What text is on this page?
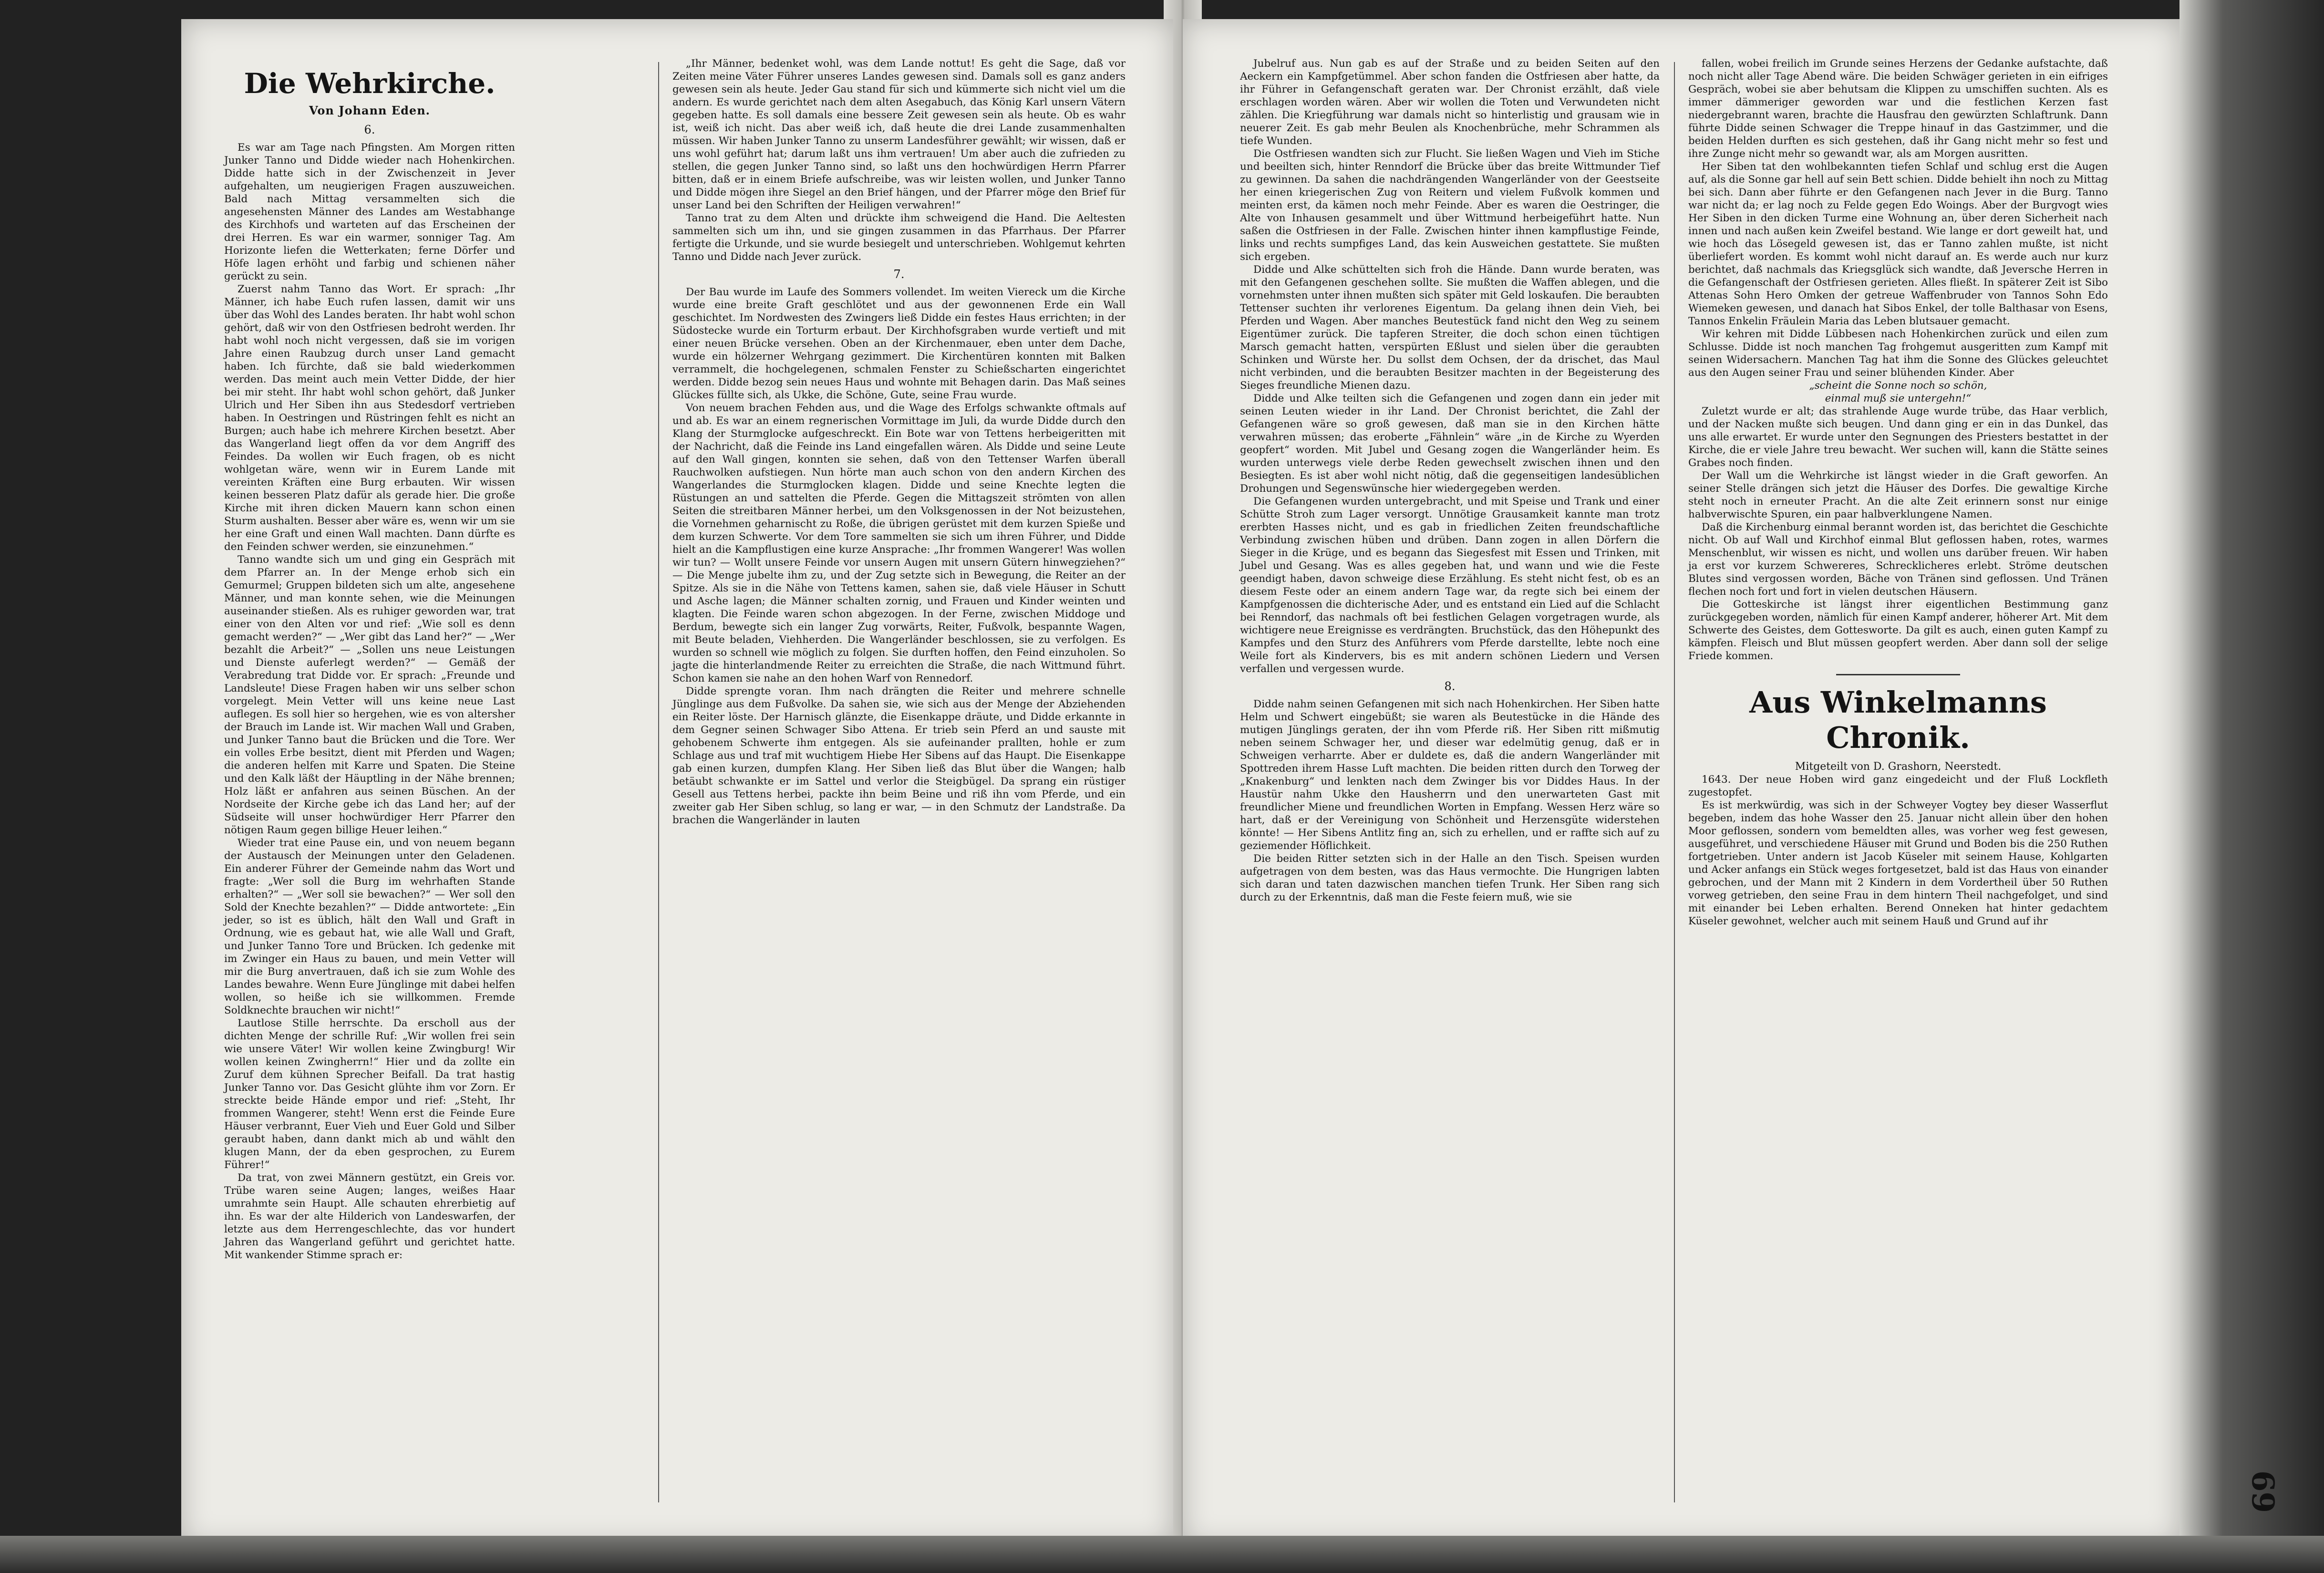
Die Wehrkirche.
Von Johann Eden.
6.

Es war am Tage nach Pfingsten. Am Morgen ritten Junker Tanno und Didde wieder nach Hohenkirchen. Didde hatte sich in der Zwischenzeit in Jever aufgehalten, um neugierigen Fragen auszuweichen. Bald nach Mittag versammelten sich die angesehensten Männer des Landes am Westabhange des Kirchhofs und warteten auf das Erscheinen der drei Herren. Es war ein warmer, sonniger Tag. Am Horizonte liefen die Wetterkaten; ferne Dörfer und Höfe lagen erhöht und farbig und schienen näher gerückt zu sein.

Zuerst nahm Tanno das Wort. Er sprach: „Ihr Männer, ich habe Euch rufen lassen, damit wir uns über das Wohl des Landes beraten. Ihr habt wohl schon gehört, daß wir von den Ostfriesen bedroht werden. Ihr habt wohl noch nicht vergessen, daß sie im vorigen Jahre einen Raubzug durch unser Land gemacht haben. Ich fürchte, daß sie bald wiederkommen werden. Das meint auch mein Vetter Didde, der hier bei mir steht. Ihr habt wohl schon gehört, daß Junker Ulrich und Her Siben ihn aus Stedesdorf vertrieben haben. In Oestringen und Rüstringen fehlt es nicht an Burgen; auch habe ich mehrere Kirchen besetzt. Aber das Wangerland liegt offen da vor dem Angriff des Feindes. Da wollen wir Euch fragen, ob es nicht wohlgetan wäre, wenn wir in Eurem Lande mit vereinten Kräften eine Burg erbauten. Wir wissen keinen besseren Platz dafür als gerade hier. Die große Kirche mit ihren dicken Mauern kann schon einen Sturm aushalten. Besser aber wäre es, wenn wir um sie her eine Graft und einen Wall machten. Dann dürfte es den Feinden schwer werden, sie einzunehmen.“

Tanno wandte sich um und ging ein Gespräch mit dem Pfarrer an. In der Menge erhob sich ein Gemurmel; Gruppen bildeten sich um alte, angesehene Männer, und man konnte sehen, wie die Meinungen auseinander stießen. Als es ruhiger geworden war, trat einer von den Alten vor und rief: „Wie soll es denn gemacht werden?“ — „Wer gibt das Land her?“ — „Wer bezahlt die Arbeit?“ — „Sollen uns neue Leistungen und Dienste auferlegt werden?“ — Gemäß der Verabredung trat Didde vor. Er sprach: „Freunde und Landsleute! Diese Fragen haben wir uns selber schon vorgelegt. Mein Vetter will uns keine neue Last auflegen. Es soll hier so hergehen, wie es von altersher der Brauch im Lande ist. Wir machen Wall und Graben, und Junker Tanno baut die Brücken und die Tore. Wer ein volles Erbe besitzt, dient mit Pferden und Wagen; die anderen helfen mit Karre und Spaten. Die Steine und den Kalk läßt der Häuptling in der Nähe brennen; Holz läßt er anfahren aus seinen Büschen. An der Nordseite der Kirche gebe ich das Land her; auf der Südseite will unser hochwürdiger Herr Pfarrer den nötigen Raum gegen billige Heuer leihen.“

Wieder trat eine Pause ein, und von neuem begann der Austausch der Meinungen unter den Geladenen. Ein anderer Führer der Gemeinde nahm das Wort und fragte: „Wer soll die Burg im wehrhaften Stande erhalten?“ — „Wer soll sie bewachen?“ — Wer soll den Sold der Knechte bezahlen?“ — Didde antwortete: „Ein jeder, so ist es üblich, hält den Wall und Graft in Ordnung, wie es gebaut hat, wie alle Wall und Graft, und Junker Tanno Tore und Brücken. Ich gedenke mit im Zwinger ein Haus zu bauen, und mein Vetter will mir die Burg anvertrauen, daß ich sie zum Wohle des Landes bewahre. Wenn Eure Jünglinge mit dabei helfen wollen, so heiße ich sie willkommen. Fremde Soldknechte brauchen wir nicht!“

Lautlose Stille herrschte. Da erscholl aus der dichten Menge der schrille Ruf: „Wir wollen frei sein wie unsere Väter! Wir wollen keine Zwingburg! Wir wollen keinen Zwingherrn!“ Hier und da zollte ein Zuruf dem kühnen Sprecher Beifall. Da trat hastig Junker Tanno vor. Das Gesicht glühte ihm vor Zorn. Er streckte beide Hände empor und rief: „Steht, Ihr frommen Wangerer, steht! Wenn erst die Feinde Eure Häuser verbrannt, Euer Vieh und Euer Gold und Silber geraubt haben, dann dankt mich ab und wählt den klugen Mann, der da eben gesprochen, zu Eurem Führer!“

Da trat, von zwei Männern gestützt, ein Greis vor. Trübe waren seine Augen; langes, weißes Haar umrahmte sein Haupt. Alle schauten ehrerbietig auf ihn. Es war der alte Hilderich von Landeswarfen, der letzte aus dem Herrengeschlechte, das vor hundert Jahren das Wangerland geführt und gerichtet hatte. Mit wankender Stimme sprach er:

„Ihr Männer, bedenket wohl, was dem Lande nottut! Es geht die Sage, daß vor Zeiten meine Väter Führer unseres Landes gewesen sind. Damals soll es ganz anders gewesen sein als heute. Jeder Gau stand für sich und kümmerte sich nicht viel um die andern. Es wurde gerichtet nach dem alten Asegabuch, das König Karl unsern Vätern gegeben hatte. Es soll damals eine bessere Zeit gewesen sein als heute. Ob es wahr ist, weiß ich nicht. Das aber weiß ich, daß heute die drei Lande zusammenhalten müssen. Wir haben Junker Tanno zu unserm Landesführer gewählt; wir wissen, daß er uns wohl geführt hat; darum laßt uns ihm vertrauen! Um aber auch die zufrieden zu stellen, die gegen Junker Tanno sind, so laßt uns den hochwürdigen Herrn Pfarrer bitten, daß er in einem Briefe aufschreibe, was wir leisten wollen, und Junker Tanno und Didde mögen ihre Siegel an den Brief hängen, und der Pfarrer möge den Brief für unser Land bei den Schriften der Heiligen verwahren!“

Tanno trat zu dem Alten und drückte ihm schweigend die Hand. Die Aeltesten sammelten sich um ihn, und sie gingen zusammen in das Pfarrhaus. Der Pfarrer fertigte die Urkunde, und sie wurde besiegelt und unterschrieben. Wohlgemut kehrten Tanno und Didde nach Jever zurück.

7.

Der Bau wurde im Laufe des Sommers vollendet. Im weiten Viereck um die Kirche wurde eine breite Graft geschlötet und aus der gewonnenen Erde ein Wall geschichtet. Im Nordwesten des Zwingers ließ Didde ein festes Haus errichten; in der Südostecke wurde ein Torturm erbaut. Der Kirchhofsgraben wurde vertieft und mit einer neuen Brücke versehen. Oben an der Kirchenmauer, eben unter dem Dache, wurde ein hölzerner Wehrgang gezimmert. Die Kirchentüren konnten mit Balken verrammelt, die hochgelegenen, schmalen Fenster zu Schießscharten eingerichtet werden. Didde bezog sein neues Haus und wohnte mit Behagen darin. Das Maß seines Glückes füllte sich, als Ukke, die Schöne, Gute, seine Frau wurde.

Von neuem brachen Fehden aus, und die Wage des Erfolgs schwankte oftmals auf und ab. Es war an einem regnerischen Vormittage im Juli, da wurde Didde durch den Klang der Sturmglocke aufgeschreckt. Ein Bote war von Tettens herbeigeritten mit der Nachricht, daß die Feinde ins Land eingefallen wären. Als Didde und seine Leute auf den Wall gingen, konnten sie sehen, daß von den Tettenser Warfen überall Rauchwolken aufstiegen. Nun hörte man auch schon von den andern Kirchen des Wangerlandes die Sturmglocken klagen. Didde und seine Knechte legten die Rüstungen an und sattelten die Pferde. Gegen die Mittagszeit strömten von allen Seiten die streitbaren Männer herbei, um den Volksgenossen in der Not beizustehen, die Vornehmen geharnischt zu Roße, die übrigen gerüstet mit dem kurzen Spieße und dem kurzen Schwerte. Vor dem Tore sammelten sie sich um ihren Führer, und Didde hielt an die Kampflustigen eine kurze Ansprache: „Ihr frommen Wangerer! Was wollen wir tun? — Wollt unsere Feinde vor unsern Augen mit unsern Gütern hinwegziehen?“ — Die Menge jubelte ihm zu, und der Zug setzte sich in Bewegung, die Reiter an der Spitze. Als sie in die Nähe von Tettens kamen, sahen sie, daß viele Häuser in Schutt und Asche lagen; die Männer schalten zornig, und Frauen und Kinder weinten und klagten. Die Feinde waren schon abgezogen. In der Ferne, zwischen Middoge und Berdum, bewegte sich ein langer Zug vorwärts, Reiter, Fußvolk, bespannte Wagen, mit Beute beladen, Viehherden. Die Wangerländer beschlossen, sie zu verfolgen. Es wurden so schnell wie möglich zu folgen. Sie durften hoffen, den Feind einzuholen. So jagte die hinterlandmende Reiter zu erreichten die Straße, die nach Wittmund führt. Schon kamen sie nahe an den hohen Warf von Rennedorf.

Didde sprengte voran. Ihm nach drängten die Reiter und mehrere schnelle Jünglinge aus dem Fußvolke. Da sahen sie, wie sich aus der Menge der Abziehenden ein Reiter löste. Der Harnisch glänzte, die Eisenkappe dräute, und Didde erkannte in dem Gegner seinen Schwager Sibo Attena. Er trieb sein Pferd an und sauste mit gehobenem Schwerte ihm entgegen. Als sie aufeinander prallten, hohle er zum Schlage aus und traf mit wuchtigem Hiebe Her Sibens auf das Haupt. Die Eisenkappe gab einen kurzen, dumpfen Klang. Her Siben ließ das Blut über die Wangen; halb betäubt schwankte er im Sattel und verlor die Steigbügel. Da sprang ein rüstiger Gesell aus Tettens herbei, packte ihn beim Beine und riß ihn vom Pferde, und ein zweiter gab Her Siben schlug, so lang er war, — in den Schmutz der Landstraße. Da brachen die Wangerländer in lauten

Jubelruf aus. Nun gab es auf der Straße und zu beiden Seiten auf den Aeckern ein Kampfgetümmel. Aber schon fanden die Ostfriesen aber hatte, da ihr Führer in Gefangenschaft geraten war. Der Chronist erzählt, daß viele erschlagen worden wären. Aber wir wollen die Toten und Verwundeten nicht zählen. Die Kriegführung war damals nicht so hinterlistig und grausam wie in neuerer Zeit. Es gab mehr Beulen als Knochenbrüche, mehr Schrammen als tiefe Wunden.

Die Ostfriesen wandten sich zur Flucht. Sie ließen Wagen und Vieh im Stiche und beeilten sich, hinter Renndorf die Brücke über das breite Wittmunder Tief zu gewinnen. Da sahen die nachdrängenden Wangerländer von der Geestseite her einen kriegerischen Zug von Reitern und vielem Fußvolk kommen und meinten erst, da kämen noch mehr Feinde. Aber es waren die Oestringer, die Alte von Inhausen gesammelt und über Wittmund herbeigeführt hatte. Nun saßen die Ostfriesen in der Falle. Zwischen hinter ihnen kampflustige Feinde, links und rechts sumpfiges Land, das kein Ausweichen gestattete. Sie mußten sich ergeben.

Didde und Alke schüttelten sich froh die Hände. Dann wurde beraten, was mit den Gefangenen geschehen sollte. Sie mußten die Waffen ablegen, und die vornehmsten unter ihnen mußten sich später mit Geld loskaufen. Die beraubten Tettenser suchten ihr verlorenes Eigentum. Da gelang ihnen dein Vieh, bei Pferden und Wagen. Aber manches Beutestück fand nicht den Weg zu seinem Eigentümer zurück. Die tapferen Streiter, die doch schon einen tüchtigen Marsch gemacht hatten, verspürten Eßlust und sielen über die geraubten Schinken und Würste her. Du sollst dem Ochsen, der da drischet, das Maul nicht verbinden, und die beraubten Besitzer machten in der Begeisterung des Sieges freundliche Mienen dazu.

Didde und Alke teilten sich die Gefangenen und zogen dann ein jeder mit seinen Leuten wieder in ihr Land. Der Chronist berichtet, die Zahl der Gefangenen wäre so groß gewesen, daß man sie in den Kirchen hätte verwahren müssen; das eroberte „Fähnlein“ wäre „in de Kirche zu Wyerden geopfert“ worden. Mit Jubel und Gesang zogen die Wangerländer heim. Es wurden unterwegs viele derbe Reden gewechselt zwischen ihnen und den Besiegten. Es ist aber wohl nicht nötig, daß die gegenseitigen landesüblichen Drohungen und Segenswünsche hier wiedergegeben werden.

Die Gefangenen wurden untergebracht, und mit Speise und Trank und einer Schütte Stroh zum Lager versorgt. Unnötige Grausamkeit kannte man trotz ererbten Hasses nicht, und es gab in friedlichen Zeiten freundschaftliche Verbindung zwischen hüben und drüben. Dann zogen in allen Dörfern die Sieger in die Krüge, und es begann das Siegesfest mit Essen und Trinken, mit Jubel und Gesang. Was es alles gegeben hat, und wann und wie die Feste geendigt haben, davon schweige diese Erzählung. Es steht nicht fest, ob es an diesem Feste oder an einem andern Tage war, da regte sich bei einem der Kampfgenossen die dichterische Ader, und es entstand ein Lied auf die Schlacht bei Renndorf, das nachmals oft bei festlichen Gelagen vorgetragen wurde, als wichtigere neue Ereignisse es verdrängten. Bruchstück, das den Höhepunkt des Kampfes und den Sturz des Anführers vom Pferde darstellte, lebte noch eine Weile fort als Kindervers, bis es mit andern schönen Liedern und Versen verfallen und vergessen wurde.

8.

Didde nahm seinen Gefangenen mit sich nach Hohenkirchen. Her Siben hatte Helm und Schwert eingebüßt; sie waren als Beutestücke in die Hände des mutigen Jünglings geraten, der ihn vom Pferde riß. Her Siben ritt mißmutig neben seinem Schwager her, und dieser war edelmütig genug, daß er in Schweigen verharrte. Aber er duldete es, daß die andern Wangerländer mit Spottreden ihrem Hasse Luft machten. Die beiden ritten durch den Torweg der „Knakenburg“ und lenkten nach dem Zwinger bis vor Diddes Haus. In der Haustür nahm Ukke den Hausherrn und den unerwarteten Gast mit freundlicher Miene und freundlichen Worten in Empfang. Wessen Herz wäre so hart, daß er der Vereinigung von Schönheit und Herzensgüte widerstehen könnte! — Her Sibens Antlitz fing an, sich zu erhellen, und er raffte sich auf zu geziemender Höflichkeit.

Die beiden Ritter setzten sich in der Halle an den Tisch. Speisen wurden aufgetragen von dem besten, was das Haus vermochte. Die Hungrigen labten sich daran und taten dazwischen manchen tiefen Trunk. Her Siben rang sich durch zu der Erkenntnis, daß man die Feste feiern muß, wie sie

fallen, wobei freilich im Grunde seines Herzens der Gedanke aufstachte, daß noch nicht aller Tage Abend wäre. Die beiden Schwäger gerieten in ein eifriges Gespräch, wobei sie aber behutsam die Klippen zu umschiffen suchten. Als es immer dämmeriger geworden war und die festlichen Kerzen fast niedergebrannt waren, brachte die Hausfrau den gewürzten Schlaftrunk. Dann führte Didde seinen Schwager die Treppe hinauf in das Gastzimmer, und die beiden Helden durften es sich gestehen, daß ihr Gang nicht mehr so fest und ihre Zunge nicht mehr so gewandt war, als am Morgen ausritten.

Her Siben tat den wohlbekannten tiefen Schlaf und schlug erst die Augen auf, als die Sonne gar hell auf sein Bett schien. Didde behielt ihn noch zu Mittag bei sich. Dann aber führte er den Gefangenen nach Jever in die Burg. Tanno war nicht da; er lag noch zu Felde gegen Edo Woings. Aber der Burgvogt wies Her Siben in den dicken Turme eine Wohnung an, über deren Sicherheit nach innen und nach außen kein Zweifel bestand. Wie lange er dort geweilt hat, und wie hoch das Lösegeld gewesen ist, das er Tanno zahlen mußte, ist nicht überliefert worden. Es kommt wohl nicht darauf an. Es werde auch nur kurz berichtet, daß nachmals das Kriegsglück sich wandte, daß Jeversche Herren in die Gefangenschaft der Ostfriesen gerieten. Alles fließt. In späterer Zeit ist Sibo Attenas Sohn Hero Omken der getreue Waffenbruder von Tannos Sohn Edo Wiemeken gewesen, und danach hat Sibos Enkel, der tolle Balthasar von Esens, Tannos Enkelin Fräulein Maria das Leben blutsauer gemacht.

Wir kehren mit Didde Lübbesen nach Hohenkirchen zurück und eilen zum Schlusse. Didde ist noch manchen Tag frohgemut ausgeritten zum Kampf mit seinen Widersachern. Manchen Tag hat ihm die Sonne des Glückes geleuchtet aus den Augen seiner Frau und seiner blühenden Kinder. Aber

„scheint die Sonne noch so schön,

einmal muß sie untergehn!“

Zuletzt wurde er alt; das strahlende Auge wurde trübe, das Haar verblich, und der Nacken mußte sich beugen. Und dann ging er ein in das Dunkel, das uns alle erwartet. Er wurde unter den Segnungen des Priesters bestattet in der Kirche, die er viele Jahre treu bewacht. Wer suchen will, kann die Stätte seines Grabes noch finden.

Der Wall um die Wehrkirche ist längst wieder in die Graft geworfen. An seiner Stelle drängen sich jetzt die Häuser des Dorfes. Die gewaltige Kirche steht noch in erneuter Pracht. An die alte Zeit erinnern sonst nur einige halbverwischte Spuren, ein paar halbverklungene Namen.

Daß die Kirchenburg einmal berannt worden ist, das berichtet die Geschichte nicht. Ob auf Wall und Kirchhof einmal Blut geflossen haben, rotes, warmes Menschenblut, wir wissen es nicht, und wollen uns darüber freuen. Wir haben ja erst vor kurzem Schwereres, Schrecklicheres erlebt. Ströme deutschen Blutes sind vergossen worden, Bäche von Tränen sind geflossen. Und Tränen flechen noch fort und fort in vielen deutschen Häusern.

Die Gotteskirche ist längst ihrer eigentlichen Bestimmung ganz zurückgegeben worden, nämlich für einen Kampf anderer, höherer Art. Mit dem Schwerte des Geistes, dem Gottesworte. Da gilt es auch, einen guten Kampf zu kämpfen. Fleisch und Blut müssen geopfert werden. Aber dann soll der selige Friede kommen.

Aus Winkelmanns Chronik.

Mitgeteilt von D. Grashorn, Neerstedt.

1643. Der neue Hoben wird ganz eingedeicht und der Fluß Lockfleth zugestopfet.

Es ist merkwürdig, was sich in der Schweyer Vogtey bey dieser Wasserflut begeben, indem das hohe Wasser den 25. Januar nicht allein über den hohen Moor geflossen, sondern vom bemeldten alles, was vorher weg fest gewesen, ausgeführet, und verschiedene Häuser mit Grund und Boden bis die 250 Ruthen fortgetrieben. Unter andern ist Jacob Küseler mit seinem Hause, Kohlgarten und Acker anfangs ein Stück weges fortgesetzet, bald ist das Haus von einander gebrochen, und der Mann mit 2 Kindern in dem Vordertheil über 50 Ruthen vorweg getrieben, den seine Frau in dem hintern Theil nachgefolget, und sind mit einander bei Leben erhalten. Berend Onneken hat hinter gedachtem Küseler gewohnet, welcher auch mit seinem Hauß und Grund auf ihr

69
